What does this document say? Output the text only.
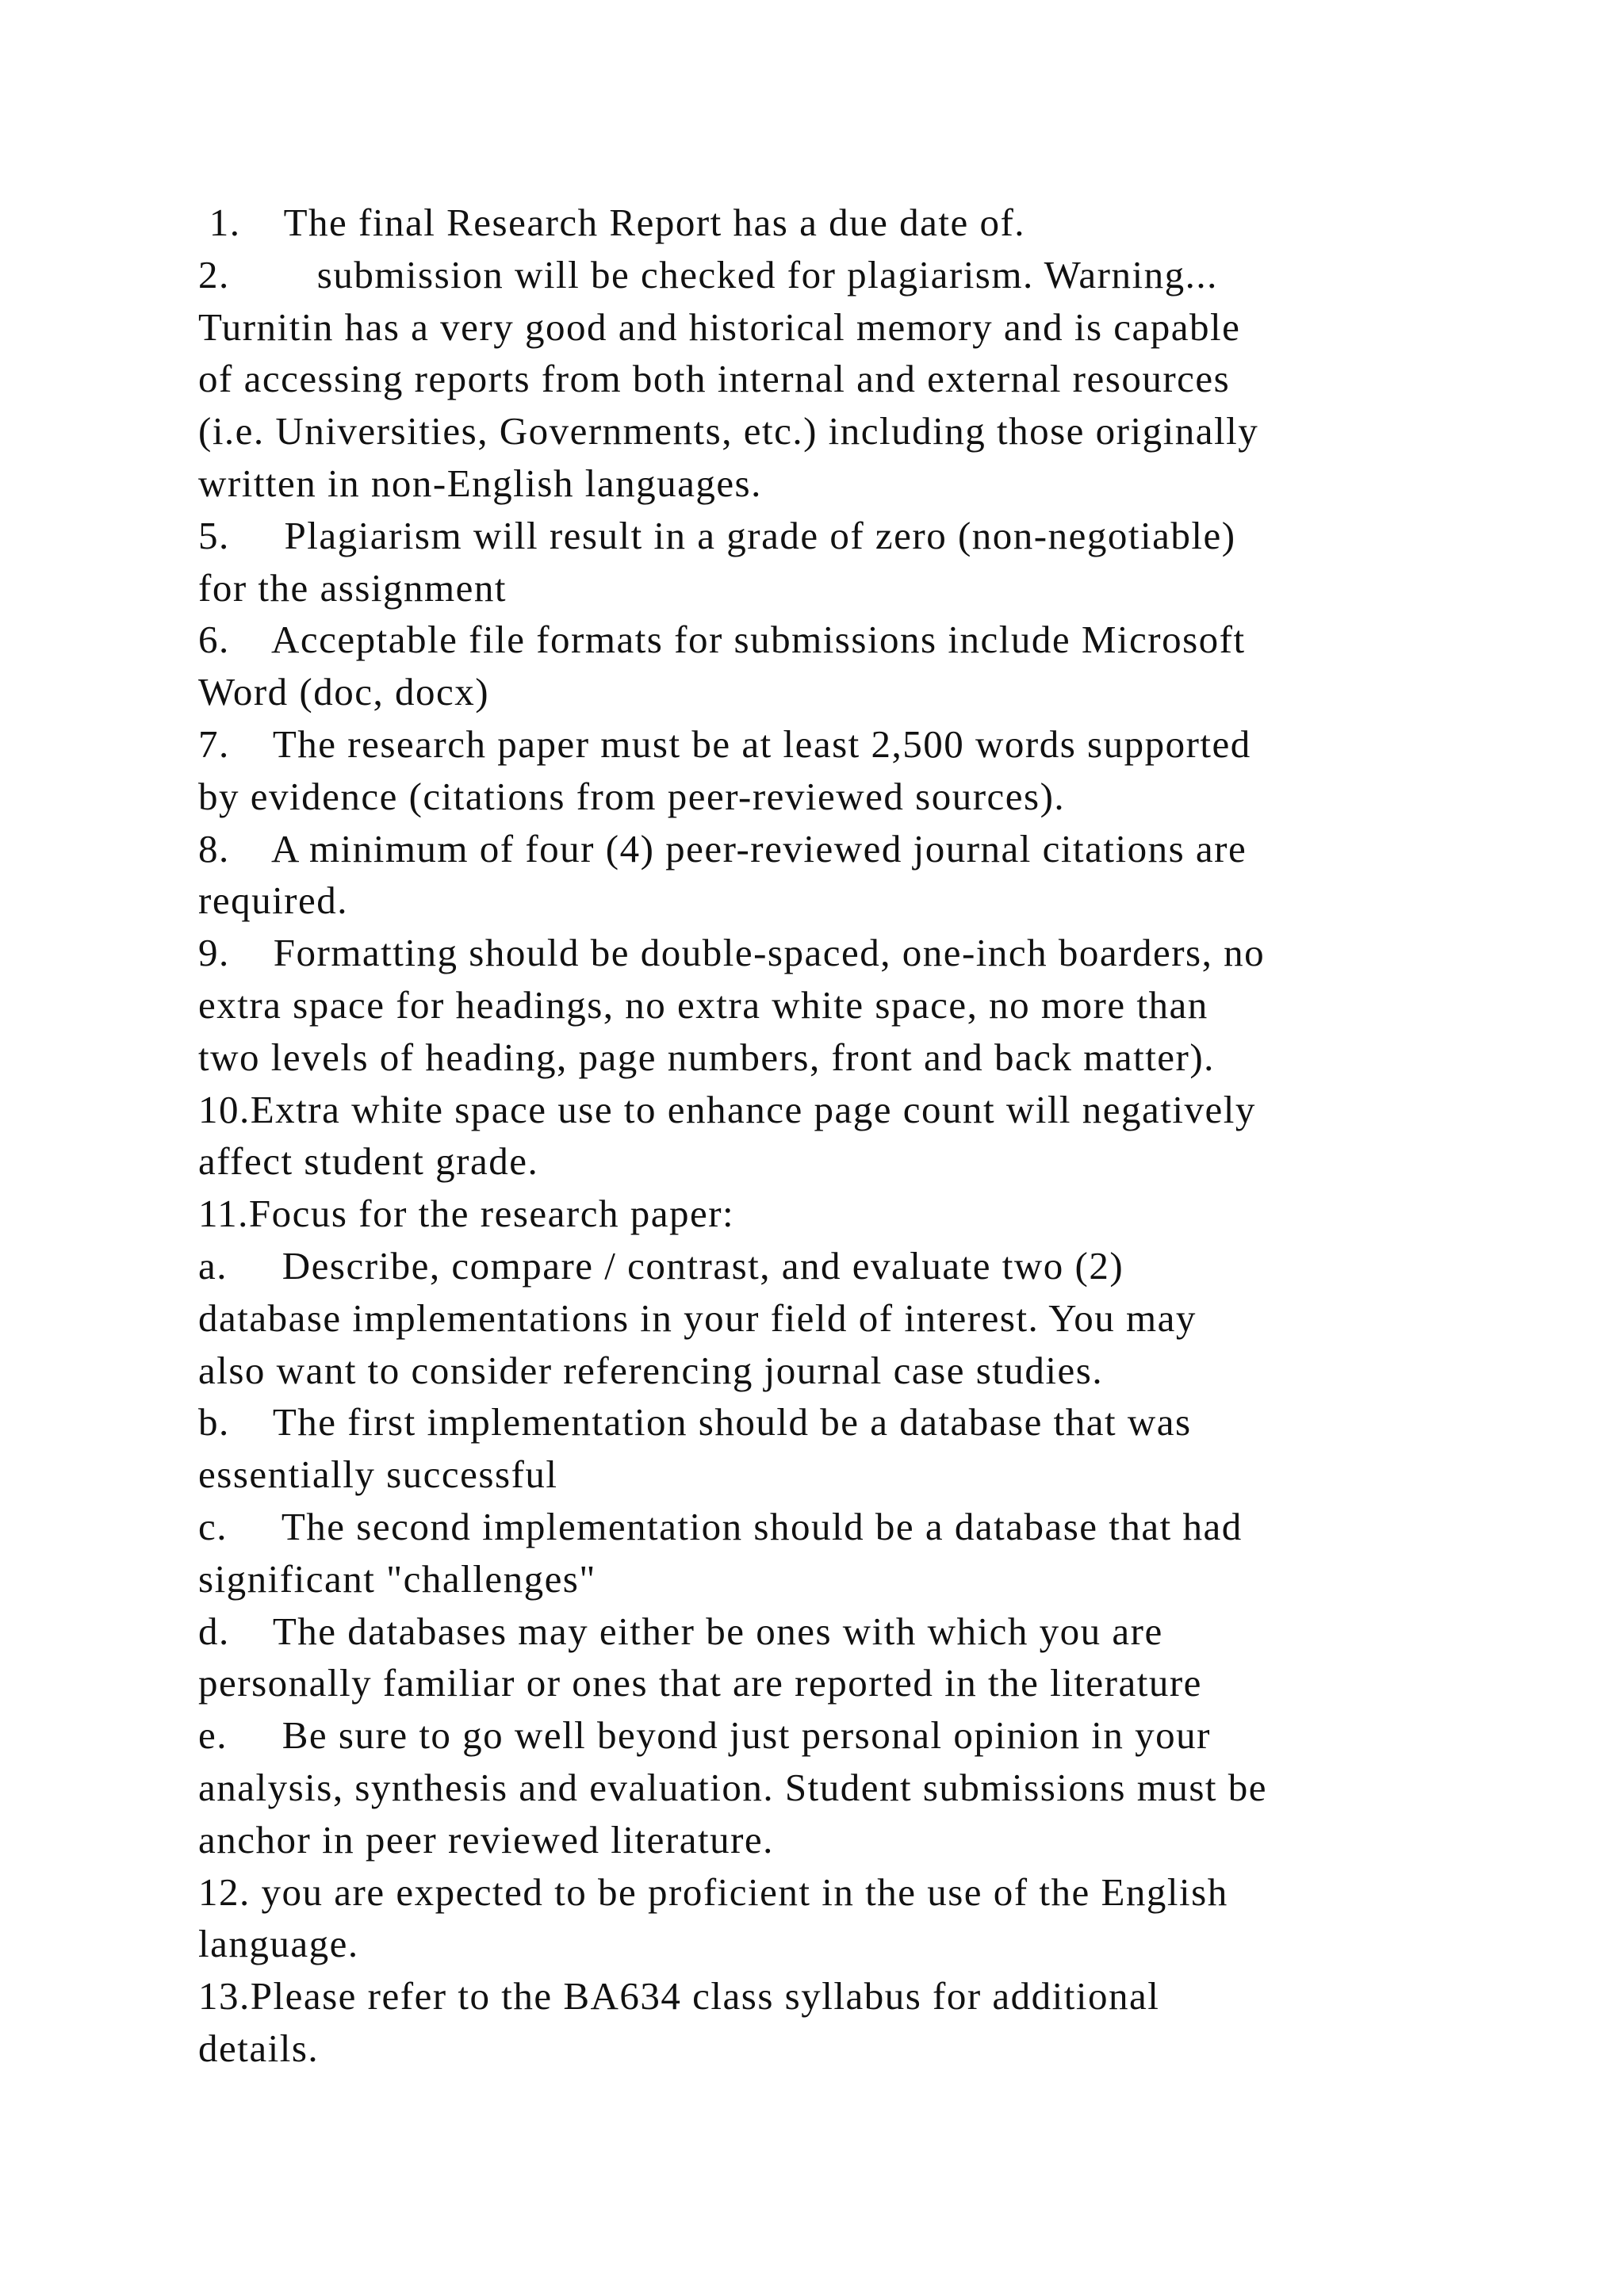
1.    The final Research Report has a due date of.
2.        submission will be checked for plagiarism. Warning...
Turnitin has a very good and historical memory and is capable
of accessing reports from both internal and external resources
(i.e. Universities, Governments, etc.) including those originally
written in non-English languages.
5.     Plagiarism will result in a grade of zero (non-negotiable)
for the assignment
6.    Acceptable file formats for submissions include Microsoft
Word (doc, docx)
7.    The research paper must be at least 2,500 words supported
by evidence (citations from peer-reviewed sources).
8.    A minimum of four (4) peer-reviewed journal citations are
required.
9.    Formatting should be double-spaced, one-inch boarders, no
extra space for headings, no extra white space, no more than
two levels of heading, page numbers, front and back matter).
10.Extra white space use to enhance page count will negatively
affect student grade.
11.Focus for the research paper:
a.     Describe, compare / contrast, and evaluate two (2)
database implementations in your field of interest. You may
also want to consider referencing journal case studies.
b.    The first implementation should be a database that was
essentially successful
c.     The second implementation should be a database that had
significant "challenges"
d.    The databases may either be ones with which you are
personally familiar or ones that are reported in the literature
e.     Be sure to go well beyond just personal opinion in your
analysis, synthesis and evaluation. Student submissions must be
anchor in peer reviewed literature.
12. you are expected to be proficient in the use of the English
language.
13.Please refer to the BA634 class syllabus for additional
details.
